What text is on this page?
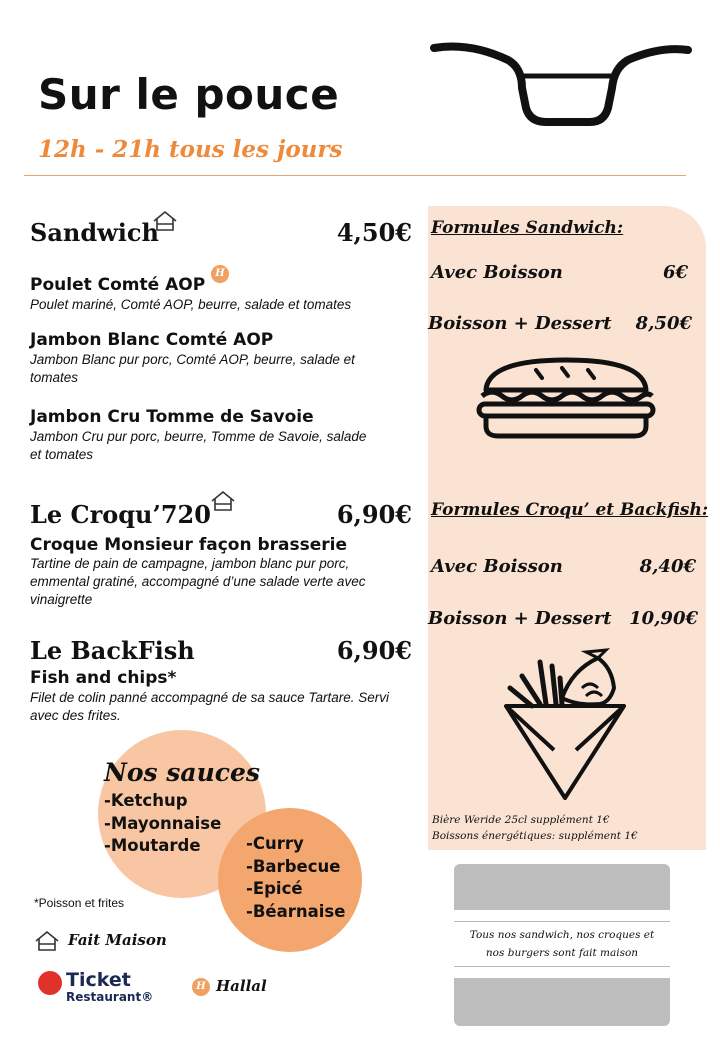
Sur le pouce
12h - 21h tous les jours
Sandwich	4,50€
Poulet Comté AOP
H
Poulet mariné, Comté AOP, beurre, salade et tomates
Jambon Blanc Comté AOP
Jambon Blanc pur porc, Comté AOP, beurre, salade et
tomates
Jambon Cru Tomme de Savoie
Jambon Cru pur porc, beurre, Tomme de Savoie, salade
et tomates
Le Croqu’720	6,90€
Croque Monsieur façon brasserie
Tartine de pain de campagne, jambon blanc pur porc,
emmental gratiné, accompagné d’une salade verte avec
vinaigrette
Le BackFish	6,90€
Fish and chips*
Filet de colin panné accompagné de sa sauce Tartare. Servi
avec des frites.
Nos sauces
-Ketchup
-Mayonnaise
-Moutarde	-Curry
-Barbecue
-Epicé
-Béarnaise
*Poisson et frites
Fait Maison
Ticket
Restaurant®
H Hallal
Formules Sandwich:
Avec Boisson	6€
Boisson + Dessert	8,50€
Formules Croqu’ et Backfish:
Avec Boisson	8,40€
Boisson + Dessert 10,90€
Bière Weride 25cl supplément 1€
Boissons énergétiques: supplément 1€
Tous nos sandwich, nos croques et
nos burgers sont fait maison
